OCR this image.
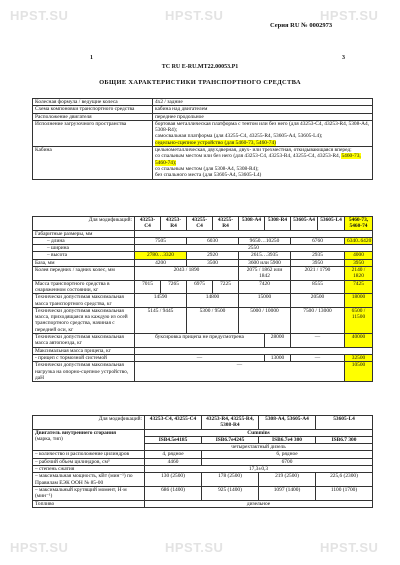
HPST.SU	HPST.SU	HPST.SU
HPST.SU	HPST.SU	HPST.SU
Серия RU № 0002973
1	3
ТС RU E-RU.MT22.00053.P1
ОБЩИЕ ХАРАКТЕРИСТИКИ ТРАНСПОРТНОГО СРЕДСТВА
Колесная формула / ведущие колеса	4х2 / задние
Схема компоновки транспортного средства	кабина над двигателем
Расположение двигателя	переднее продольное
Исполнение загрузочного пространства	бортовая металлическая платформа с тентом или без него (для 43253-С4, 43253-R4, 5308-А4, 5308-R4);
самосвальная платформа (для 43255-С4, 43255-R4, 53605-А4, 53605-L4);
седельно-сцепное устройство (для 5460-73, 5460-74)

Кабина	цельнометаллическая, двухдверная, двух- или трехместная, откидывающаяся вперед;
со спальным местом или без него (для 43253-С4, 43253-R4, 43255-С4, 43253-R4, 5460-73, 5460-74);
со спальным местом (для 5308-А4, 5308-R4);
без спального места (для 53605-А4, 53605-L4)
Для модификаций:	43253-С4	43253-R4	43255-С4	43255-R4	5308-А4	5308-R4	53605-А4	53605-L4	5460-73, 5460-74
Габаритные размеры, мм									
– длина	7505		6030		9650…10250		6760		6340..6420
– ширина	2550								
– высота	2780…3320		2920		2615…3935		2935		4000
База, мм	4200		3500		3600 или 5900		3950		3950
Колея передних / задних колес, мм	2043 / 1890				2075 / 1862 или 1842		2021 / 1790		2140 / 1820
Масса транспортного средства в снаряженном состоянии, кг	7015	7265	6975	7225	7420		8555		7425
Технически допустимая максимальная масса транспортного средства, кг	14590		14800		15000		20500		18000
Технически допустимая максимальная масса, приходящаяся на каждую из осей транспортного средства, начиная с передней оси, кг	5145 / 9445		5300 / 9500		5000 / 10000		7500 / 13000		6500 / 11500
Технически допустимая максимальная масса автопоезда, кг	буксировка прицепа не предусмотрена					28000	—		40000
Максимальная масса прицепа, кг									
- прицеп с тормозной системой	—					13000	—		32500
Технически допустимая максимальная нагрузка на опорно-сцепное устройство, даН	—								10500
Для модификаций:	43253-С4, 43255-С4	43253-R4, 43255-R4, 5308-R4	5308-А4, 53605-А4	53605-L4

Двигатель внутреннего сгорания
(марка, тип)	Cummins			
	ISB4.5e4185	ISB6.7e4245	ISB6.7e4 300	ISB6.7 300
	четырехтактный дизель			
– количество и расположение цилиндров	4, рядное	6, рядное		
– рабочий объем цилиндров, см³	4460	6700		
– степень сжатия	17,3±0,3			
– максимальная мощность, кВт (мин⁻¹) по Правилам ЕЭК ООН № 85-00	130 (2500)	178 (2500)	219 (2500)	225,6 (2300)
– максимальный крутящий момент, Н·м (мин⁻¹)	686 (1400)	925 (1400)	1097 (1400)	1100 (1700)
Топливо	дизельное			
